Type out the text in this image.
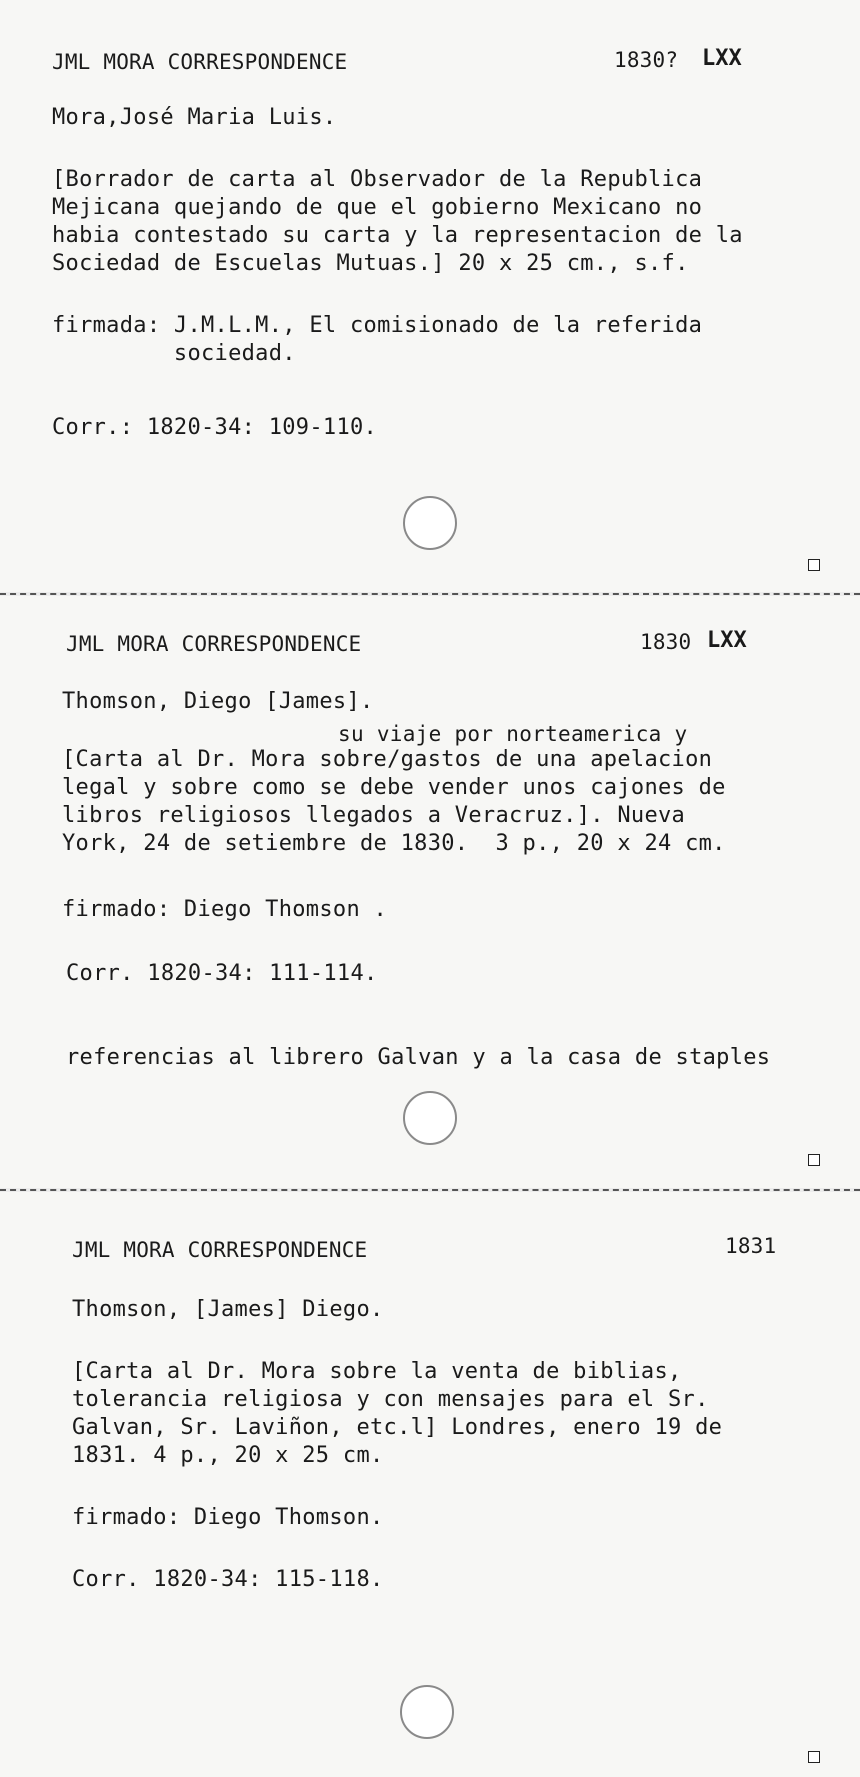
JML MORA CORRESPONDENCE	1830? LXX
Mora,José Maria Luis.
[Borrador de carta al Observador de la Republica
Mejicana quejando de que el gobierno Mexicano no
habia contestado su carta y la representacion de la
Sociedad de Escuelas Mutuas.] 20 x 25 cm., s.f.
firmada: J.M.L.M., El comisionado de la referida
sociedad.
Corr.: 1820-34: 109-110.
JML MORA CORRESPONDENCE	1830 LXX
Thomson, Diego [James].
su viaje por norteamerica y
[Carta al Dr. Mora sobre/gastos de una apelacion
legal y sobre como se debe vender unos cajones de
libros religiosos llegados a Veracruz.]. Nueva
York, 24 de setiembre de 1830.  3 p., 20 x 24 cm.
firmado: Diego Thomson .
Corr. 1820-34: 111-114.
referencias al librero Galvan y a la casa de staples
JML MORA CORRESPONDENCE	1831
Thomson, [James] Diego.
[Carta al Dr. Mora sobre la venta de biblias,
tolerancia religiosa y con mensajes para el Sr.
Galvan, Sr. Laviñon, etc.l] Londres, enero 19 de
1831. 4 p., 20 x 25 cm.
firmado: Diego Thomson.
Corr. 1820-34: 115-118.
